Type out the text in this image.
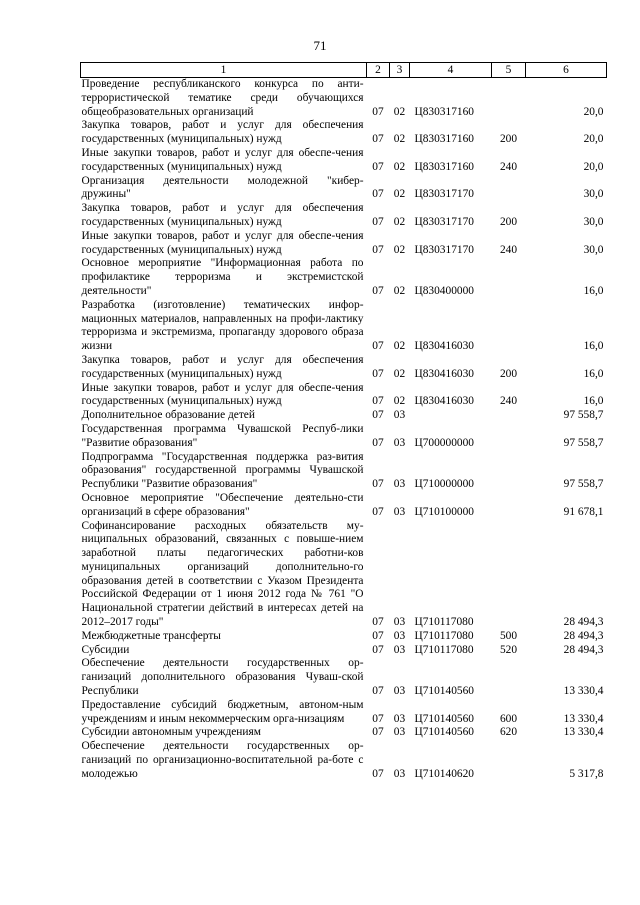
71
1	2	3	4	5	6
Проведение республиканского конкурса по анти-террористической тематике среди обучающихся общеобразовательных организаций	07	02	Ц830317160		20,0
Закупка товаров, работ и услуг для обеспечения государственных (муниципальных) нужд	07	02	Ц830317160	200	20,0
Иные закупки товаров, работ и услуг для обеспе-чения государственных (муниципальных) нужд	07	02	Ц830317160	240	20,0
Организация деятельности молодежной "кибер-дружины"	07	02	Ц830317170		30,0
Закупка товаров, работ и услуг для обеспечения государственных (муниципальных) нужд	07	02	Ц830317170	200	30,0
Иные закупки товаров, работ и услуг для обеспе-чения государственных (муниципальных) нужд	07	02	Ц830317170	240	30,0
Основное мероприятие "Информационная работа по профилактике терроризма и экстремистской деятельности"	07	02	Ц830400000		16,0
Разработка (изготовление) тематических инфор-мационных материалов, направленных на профи-лактику терроризма и экстремизма, пропаганду здорового образа жизни	07	02	Ц830416030		16,0
Закупка товаров, работ и услуг для обеспечения государственных (муниципальных) нужд	07	02	Ц830416030	200	16,0
Иные закупки товаров, работ и услуг для обеспе-чения государственных (муниципальных) нужд	07	02	Ц830416030	240	16,0
Дополнительное образование детей	07	03			97 558,7
Государственная программа Чувашской Респуб-лики "Развитие образования"	07	03	Ц700000000		97 558,7
Подпрограмма "Государственная поддержка раз-вития образования" государственной программы Чувашской Республики "Развитие образования"	07	03	Ц710000000		97 558,7
Основное мероприятие "Обеспечение деятельно-сти организаций в сфере образования"	07	03	Ц710100000		91 678,1
Софинансирование расходных обязательств му-ниципальных образований, связанных с повыше-нием заработной платы педагогических работни-ков муниципальных организаций дополнительно-го образования детей в соответствии с Указом Президента Российской Федерации от 1 июня 2012 года № 761 "О Национальной стратегии действий в интересах детей на 2012–2017 годы"	07	03	Ц710117080		28 494,3
Межбюджетные трансферты	07	03	Ц710117080	500	28 494,3
Субсидии	07	03	Ц710117080	520	28 494,3
Обеспечение деятельности государственных ор-ганизаций дополнительного образования Чуваш-ской Республики	07	03	Ц710140560		13 330,4
Предоставление субсидий бюджетным, автоном-ным учреждениям и иным некоммерческим орга-низациям	07	03	Ц710140560	600	13 330,4
Субсидии автономным учреждениям	07	03	Ц710140560	620	13 330,4
Обеспечение деятельности государственных ор-ганизаций по организационно-воспитательной ра-боте с молодежью	07	03	Ц710140620		5 317,8
